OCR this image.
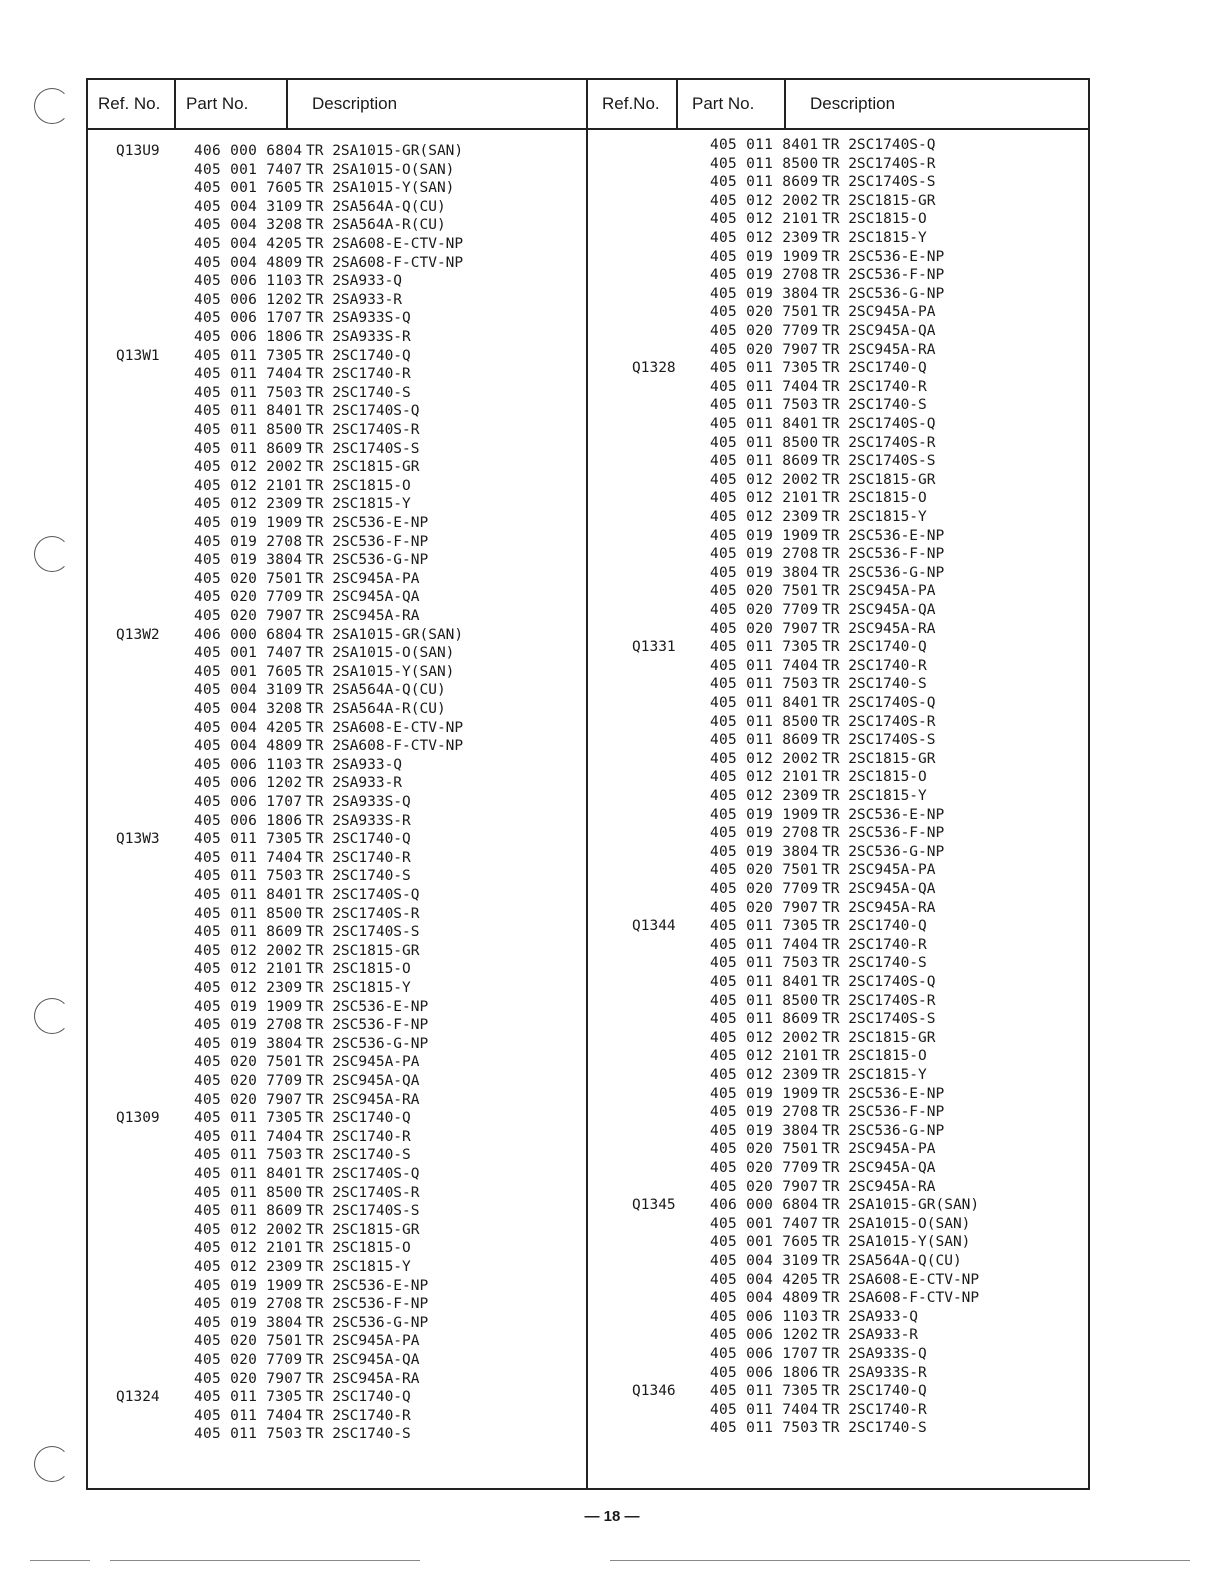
Ref. No. Part No.	Description
Q13U9 406 000 6804 TR 2SA1015-GR(SAN)
405 001 7407 TR 2SA1015-O(SAN)
405 001 7605 TR 2SA1015-Y(SAN)
405 004 3109 TR 2SA564A-Q(CU)
405 004 3208 TR 2SA564A-R(CU)
405 004 4205 TR 2SA608-E-CTV-NP
405 004 4809 TR 2SA608-F-CTV-NP
405 006 1103 TR 2SA933-Q
405 006 1202 TR 2SA933-R
405 006 1707 TR 2SA933S-Q
405 006 1806 TR 2SA933S-R
Q13W1 405 011 7305 TR 2SC1740-Q
405 011 7404 TR 2SC1740-R
405 011 7503 TR 2SC1740-S
405 011 8401 TR 2SC1740S-Q
405 011 8500 TR 2SC1740S-R
405 011 8609 TR 2SC1740S-S
405 012 2002 TR 2SC1815-GR
405 012 2101 TR 2SC1815-O
405 012 2309 TR 2SC1815-Y
405 019 1909 TR 2SC536-E-NP
405 019 2708 TR 2SC536-F-NP
405 019 3804 TR 2SC536-G-NP
405 020 7501 TR 2SC945A-PA
405 020 7709 TR 2SC945A-QA
405 020 7907 TR 2SC945A-RA
Q13W2 406 000 6804 TR 2SA1015-GR(SAN)
405 001 7407 TR 2SA1015-O(SAN)
405 001 7605 TR 2SA1015-Y(SAN)
405 004 3109 TR 2SA564A-Q(CU)
405 004 3208 TR 2SA564A-R(CU)
405 004 4205 TR 2SA608-E-CTV-NP
405 004 4809 TR 2SA608-F-CTV-NP
405 006 1103 TR 2SA933-Q
405 006 1202 TR 2SA933-R
405 006 1707 TR 2SA933S-Q
405 006 1806 TR 2SA933S-R
Q13W3 405 011 7305 TR 2SC1740-Q
405 011 7404 TR 2SC1740-R
405 011 7503 TR 2SC1740-S
405 011 8401 TR 2SC1740S-Q
405 011 8500 TR 2SC1740S-R
405 011 8609 TR 2SC1740S-S
405 012 2002 TR 2SC1815-GR
405 012 2101 TR 2SC1815-O
405 012 2309 TR 2SC1815-Y
405 019 1909 TR 2SC536-E-NP
405 019 2708 TR 2SC536-F-NP
405 019 3804 TR 2SC536-G-NP
405 020 7501 TR 2SC945A-PA
405 020 7709 TR 2SC945A-QA
405 020 7907 TR 2SC945A-RA
Q1309 405 011 7305 TR 2SC1740-Q
405 011 7404 TR 2SC1740-R
405 011 7503 TR 2SC1740-S
405 011 8401 TR 2SC1740S-Q
405 011 8500 TR 2SC1740S-R
405 011 8609 TR 2SC1740S-S
405 012 2002 TR 2SC1815-GR
405 012 2101 TR 2SC1815-O
405 012 2309 TR 2SC1815-Y
405 019 1909 TR 2SC536-E-NP
405 019 2708 TR 2SC536-F-NP
405 019 3804 TR 2SC536-G-NP
405 020 7501 TR 2SC945A-PA
405 020 7709 TR 2SC945A-QA
405 020 7907 TR 2SC945A-RA
Q1324 405 011 7305 TR 2SC1740-Q
405 011 7404 TR 2SC1740-R
405 011 7503 TR 2SC1740-S
Ref.No. Part No.	Description
405 011 8401 TR 2SC1740S-Q
405 011 8500 TR 2SC1740S-R
405 011 8609 TR 2SC1740S-S
405 012 2002 TR 2SC1815-GR
405 012 2101 TR 2SC1815-O
405 012 2309 TR 2SC1815-Y
405 019 1909 TR 2SC536-E-NP
405 019 2708 TR 2SC536-F-NP
405 019 3804 TR 2SC536-G-NP
405 020 7501 TR 2SC945A-PA
405 020 7709 TR 2SC945A-QA
405 020 7907 TR 2SC945A-RA
Q1328 405 011 7305 TR 2SC1740-Q
405 011 7404 TR 2SC1740-R
405 011 7503 TR 2SC1740-S
405 011 8401 TR 2SC1740S-Q
405 011 8500 TR 2SC1740S-R
405 011 8609 TR 2SC1740S-S
405 012 2002 TR 2SC1815-GR
405 012 2101 TR 2SC1815-O
405 012 2309 TR 2SC1815-Y
405 019 1909 TR 2SC536-E-NP
405 019 2708 TR 2SC536-F-NP
405 019 3804 TR 2SC536-G-NP
405 020 7501 TR 2SC945A-PA
405 020 7709 TR 2SC945A-QA
405 020 7907 TR 2SC945A-RA
Q1331 405 011 7305 TR 2SC1740-Q
405 011 7404 TR 2SC1740-R
405 011 7503 TR 2SC1740-S
405 011 8401 TR 2SC1740S-Q
405 011 8500 TR 2SC1740S-R
405 011 8609 TR 2SC1740S-S
405 012 2002 TR 2SC1815-GR
405 012 2101 TR 2SC1815-O
405 012 2309 TR 2SC1815-Y
405 019 1909 TR 2SC536-E-NP
405 019 2708 TR 2SC536-F-NP
405 019 3804 TR 2SC536-G-NP
405 020 7501 TR 2SC945A-PA
405 020 7709 TR 2SC945A-QA
405 020 7907 TR 2SC945A-RA
Q1344 405 011 7305 TR 2SC1740-Q
405 011 7404 TR 2SC1740-R
405 011 7503 TR 2SC1740-S
405 011 8401 TR 2SC1740S-Q
405 011 8500 TR 2SC1740S-R
405 011 8609 TR 2SC1740S-S
405 012 2002 TR 2SC1815-GR
405 012 2101 TR 2SC1815-O
405 012 2309 TR 2SC1815-Y
405 019 1909 TR 2SC536-E-NP
405 019 2708 TR 2SC536-F-NP
405 019 3804 TR 2SC536-G-NP
405 020 7501 TR 2SC945A-PA
405 020 7709 TR 2SC945A-QA
405 020 7907 TR 2SC945A-RA
Q1345 406 000 6804 TR 2SA1015-GR(SAN)
405 001 7407 TR 2SA1015-O(SAN)
405 001 7605 TR 2SA1015-Y(SAN)
405 004 3109 TR 2SA564A-Q(CU)
405 004 4205 TR 2SA608-E-CTV-NP
405 004 4809 TR 2SA608-F-CTV-NP
405 006 1103 TR 2SA933-Q
405 006 1202 TR 2SA933-R
405 006 1707 TR 2SA933S-Q
405 006 1806 TR 2SA933S-R
Q1346 405 011 7305 TR 2SC1740-Q
405 011 7404 TR 2SC1740-R
405 011 7503 TR 2SC1740-S
— 18 —
